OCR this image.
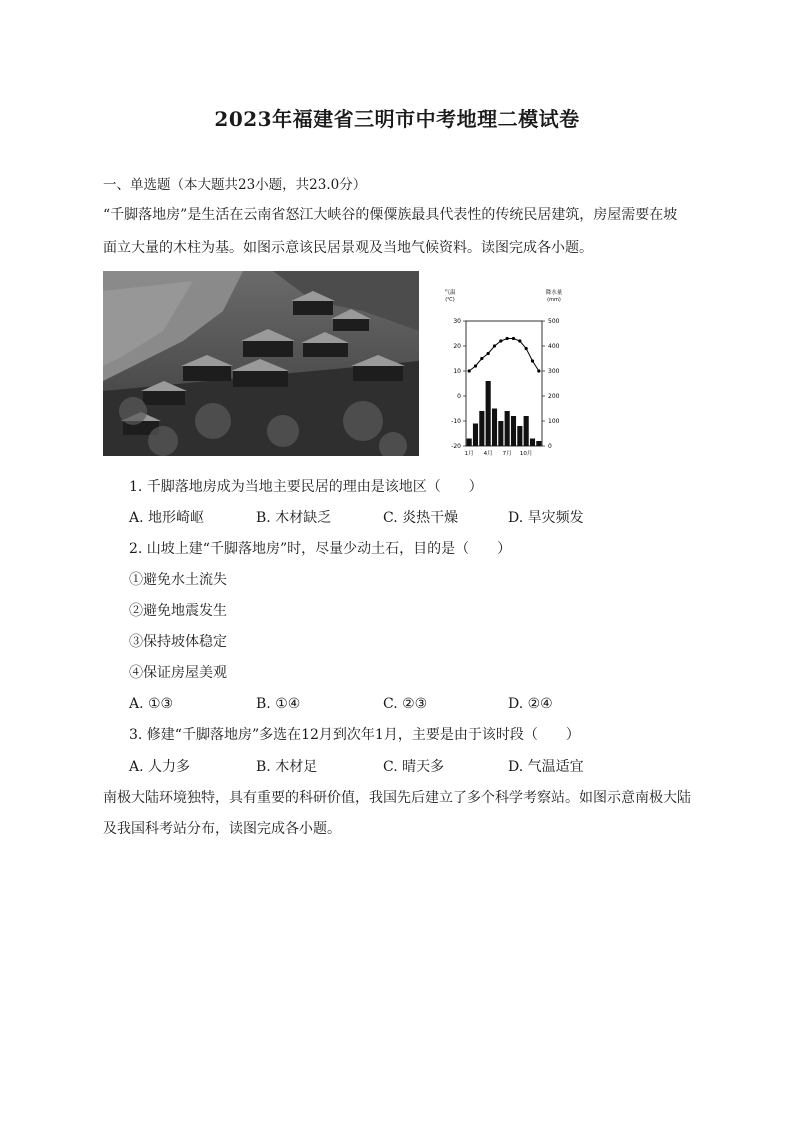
2023年福建省三明市中考地理二模试卷
一、单选题（本大题共23小题，共23.0分）
“千脚落地房”是生活在云南省怒江大峡谷的傈僳族最具代表性的传统民居建筑，房屋需要在坡
面立大量的木柱为基。如图示意该民居景观及当地气候资料。读图完成各小题。
气温
(℃)
降水量
(mm)
30
20
10
0
-10
-20
500
400
300
200
100
0
1月 4月 7月 10月
1. 千脚落地房成为当地主要民居的理由是该地区（　　）
A. 地形崎岖	B. 木材缺乏	C. 炎热干燥	D. 旱灾频发
2. 山坡上建“千脚落地房”时，尽量少动土石，目的是（　　）
①避免水土流失
②避免地震发生
③保持坡体稳定
④保证房屋美观
A. ①③	B. ①④	C. ②③	D. ②④
3. 修建“千脚落地房”多选在12月到次年1月，主要是由于该时段（　　）
A. 人力多	B. 木材足	C. 晴天多	D. 气温适宜
南极大陆环境独特，具有重要的科研价值，我国先后建立了多个科学考察站。如图示意南极大陆
及我国科考站分布，读图完成各小题。
